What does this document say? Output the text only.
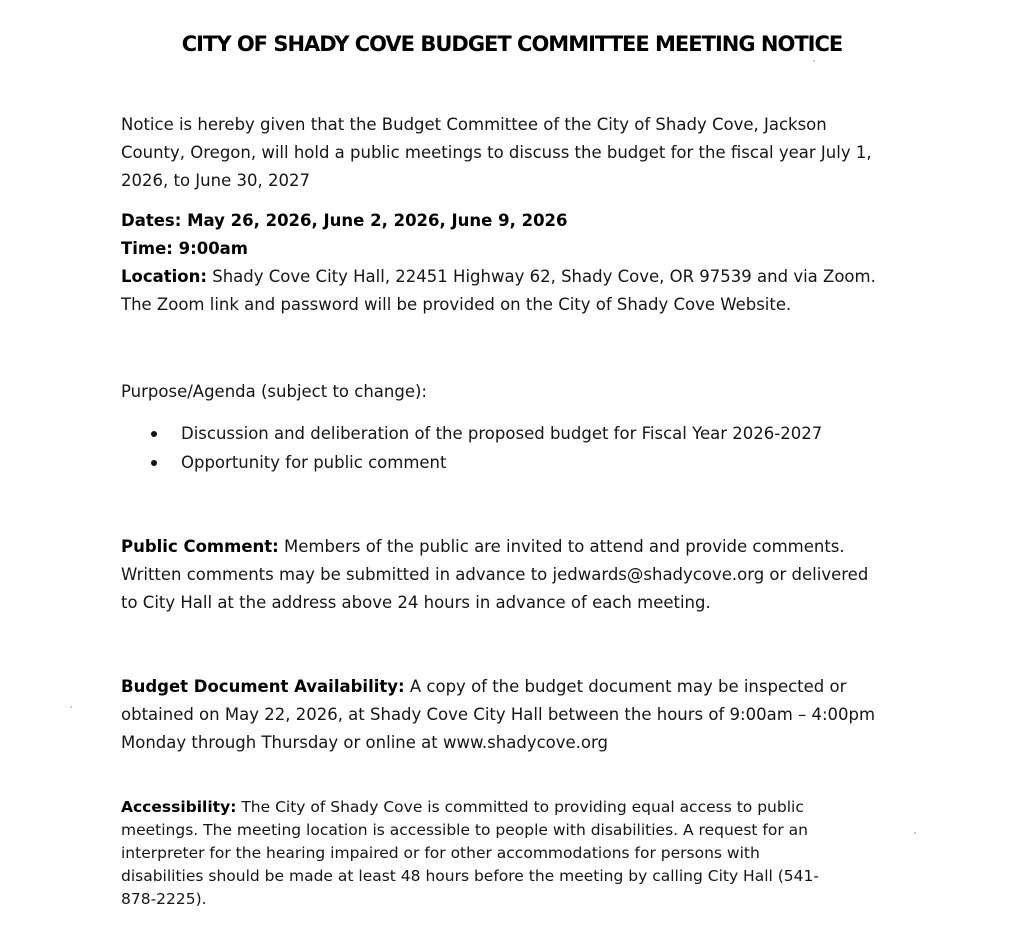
CITY OF SHADY COVE BUDGET COMMITTEE MEETING NOTICE
Notice is hereby given that the Budget Committee of the City of Shady Cove, Jackson
County, Oregon, will hold a public meetings to discuss the budget for the fiscal year July 1,
2026, to June 30, 2027
Dates: May 26, 2026, June 2, 2026, June 9, 2026
Time: 9:00am
Location: Shady Cove City Hall, 22451 Highway 62, Shady Cove, OR 97539 and via Zoom.
The Zoom link and password will be provided on the City of Shady Cove Website.
Purpose/Agenda (subject to change):
Discussion and deliberation of the proposed budget for Fiscal Year 2026-2027
Opportunity for public comment
Public Comment: Members of the public are invited to attend and provide comments.
Written comments may be submitted in advance to jedwards@shadycove.org or delivered
to City Hall at the address above 24 hours in advance of each meeting.
Budget Document Availability: A copy of the budget document may be inspected or
obtained on May 22, 2026, at Shady Cove City Hall between the hours of 9:00am – 4:00pm
Monday through Thursday or online at www.shadycove.org
Accessibility: The City of Shady Cove is committed to providing equal access to public
meetings. The meeting location is accessible to people with disabilities. A request for an
interpreter for the hearing impaired or for other accommodations for persons with
disabilities should be made at least 48 hours before the meeting by calling City Hall (541-
878-2225).
